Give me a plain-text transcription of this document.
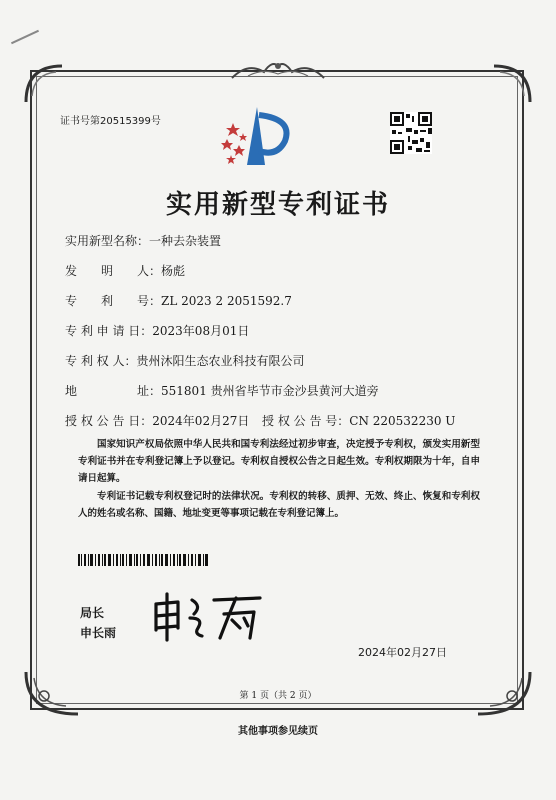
证书号第20515399号
实用新型专利证书
实用新型名称：一种去杂装置
发　　明　　人：杨彪
专　　利　　号：ZL 2023 2 2051592.7
专 利 申 请 日：2023年08月01日
专 利 权 人：贵州沐阳生态农业科技有限公司
地　　　　　址：551801 贵州省毕节市金沙县黄河大道旁
授 权 公 告 日：2024年02月27日 授 权 公 告 号：CN 220532230 U
国家知识产权局依照中华人民共和国专利法经过初步审查，决定授予专利权，颁发实用新型专利证书并在专利登记簿上予以登记。专利权自授权公告之日起生效。专利权期限为十年，自申请日起算。
专利证书记载专利权登记时的法律状况。专利权的转移、质押、无效、终止、恢复和专利权人的姓名或名称、国籍、地址变更等事项记载在专利登记簿上。
局长
申长雨
2024年02月27日
第 1 页（共 2 页）
其他事项参见续页
